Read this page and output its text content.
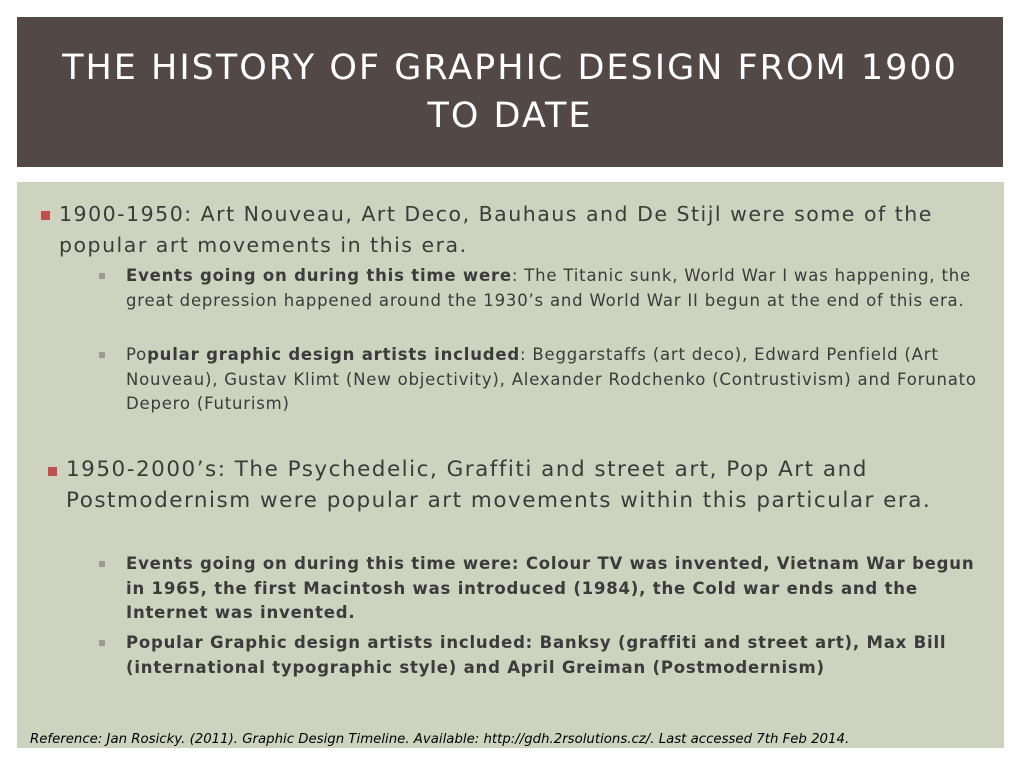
THE HISTORY OF GRAPHIC DESIGN FROM 1900 TO DATE
1900-1950: Art Nouveau, Art Deco, Bauhaus and De Stijl were some of the popular art movements in this era.
Events going on during this time were: The Titanic sunk, World War I was happening, the great depression happened around the 1930’s and World War II begun at the end of this era.
Popular graphic design artists included: Beggarstaffs (art deco), Edward Penfield (Art Nouveau), Gustav Klimt (New objectivity), Alexander Rodchenko (Contrustivism) and Forunato Depero (Futurism)
1950-2000’s: The Psychedelic, Graffiti and street art, Pop Art and Postmodernism were popular art movements within this particular era.
Events going on during this time were: Colour TV was invented, Vietnam War begun in 1965, the first Macintosh was introduced (1984), the Cold war ends and the Internet was invented.
Popular Graphic design artists included: Banksy (graffiti and street art), Max Bill (international typographic style) and April Greiman (Postmodernism)
Reference: Jan Rosicky. (2011). Graphic Design Timeline. Available: http://gdh.2rsolutions.cz/. Last accessed 7th Feb 2014.
